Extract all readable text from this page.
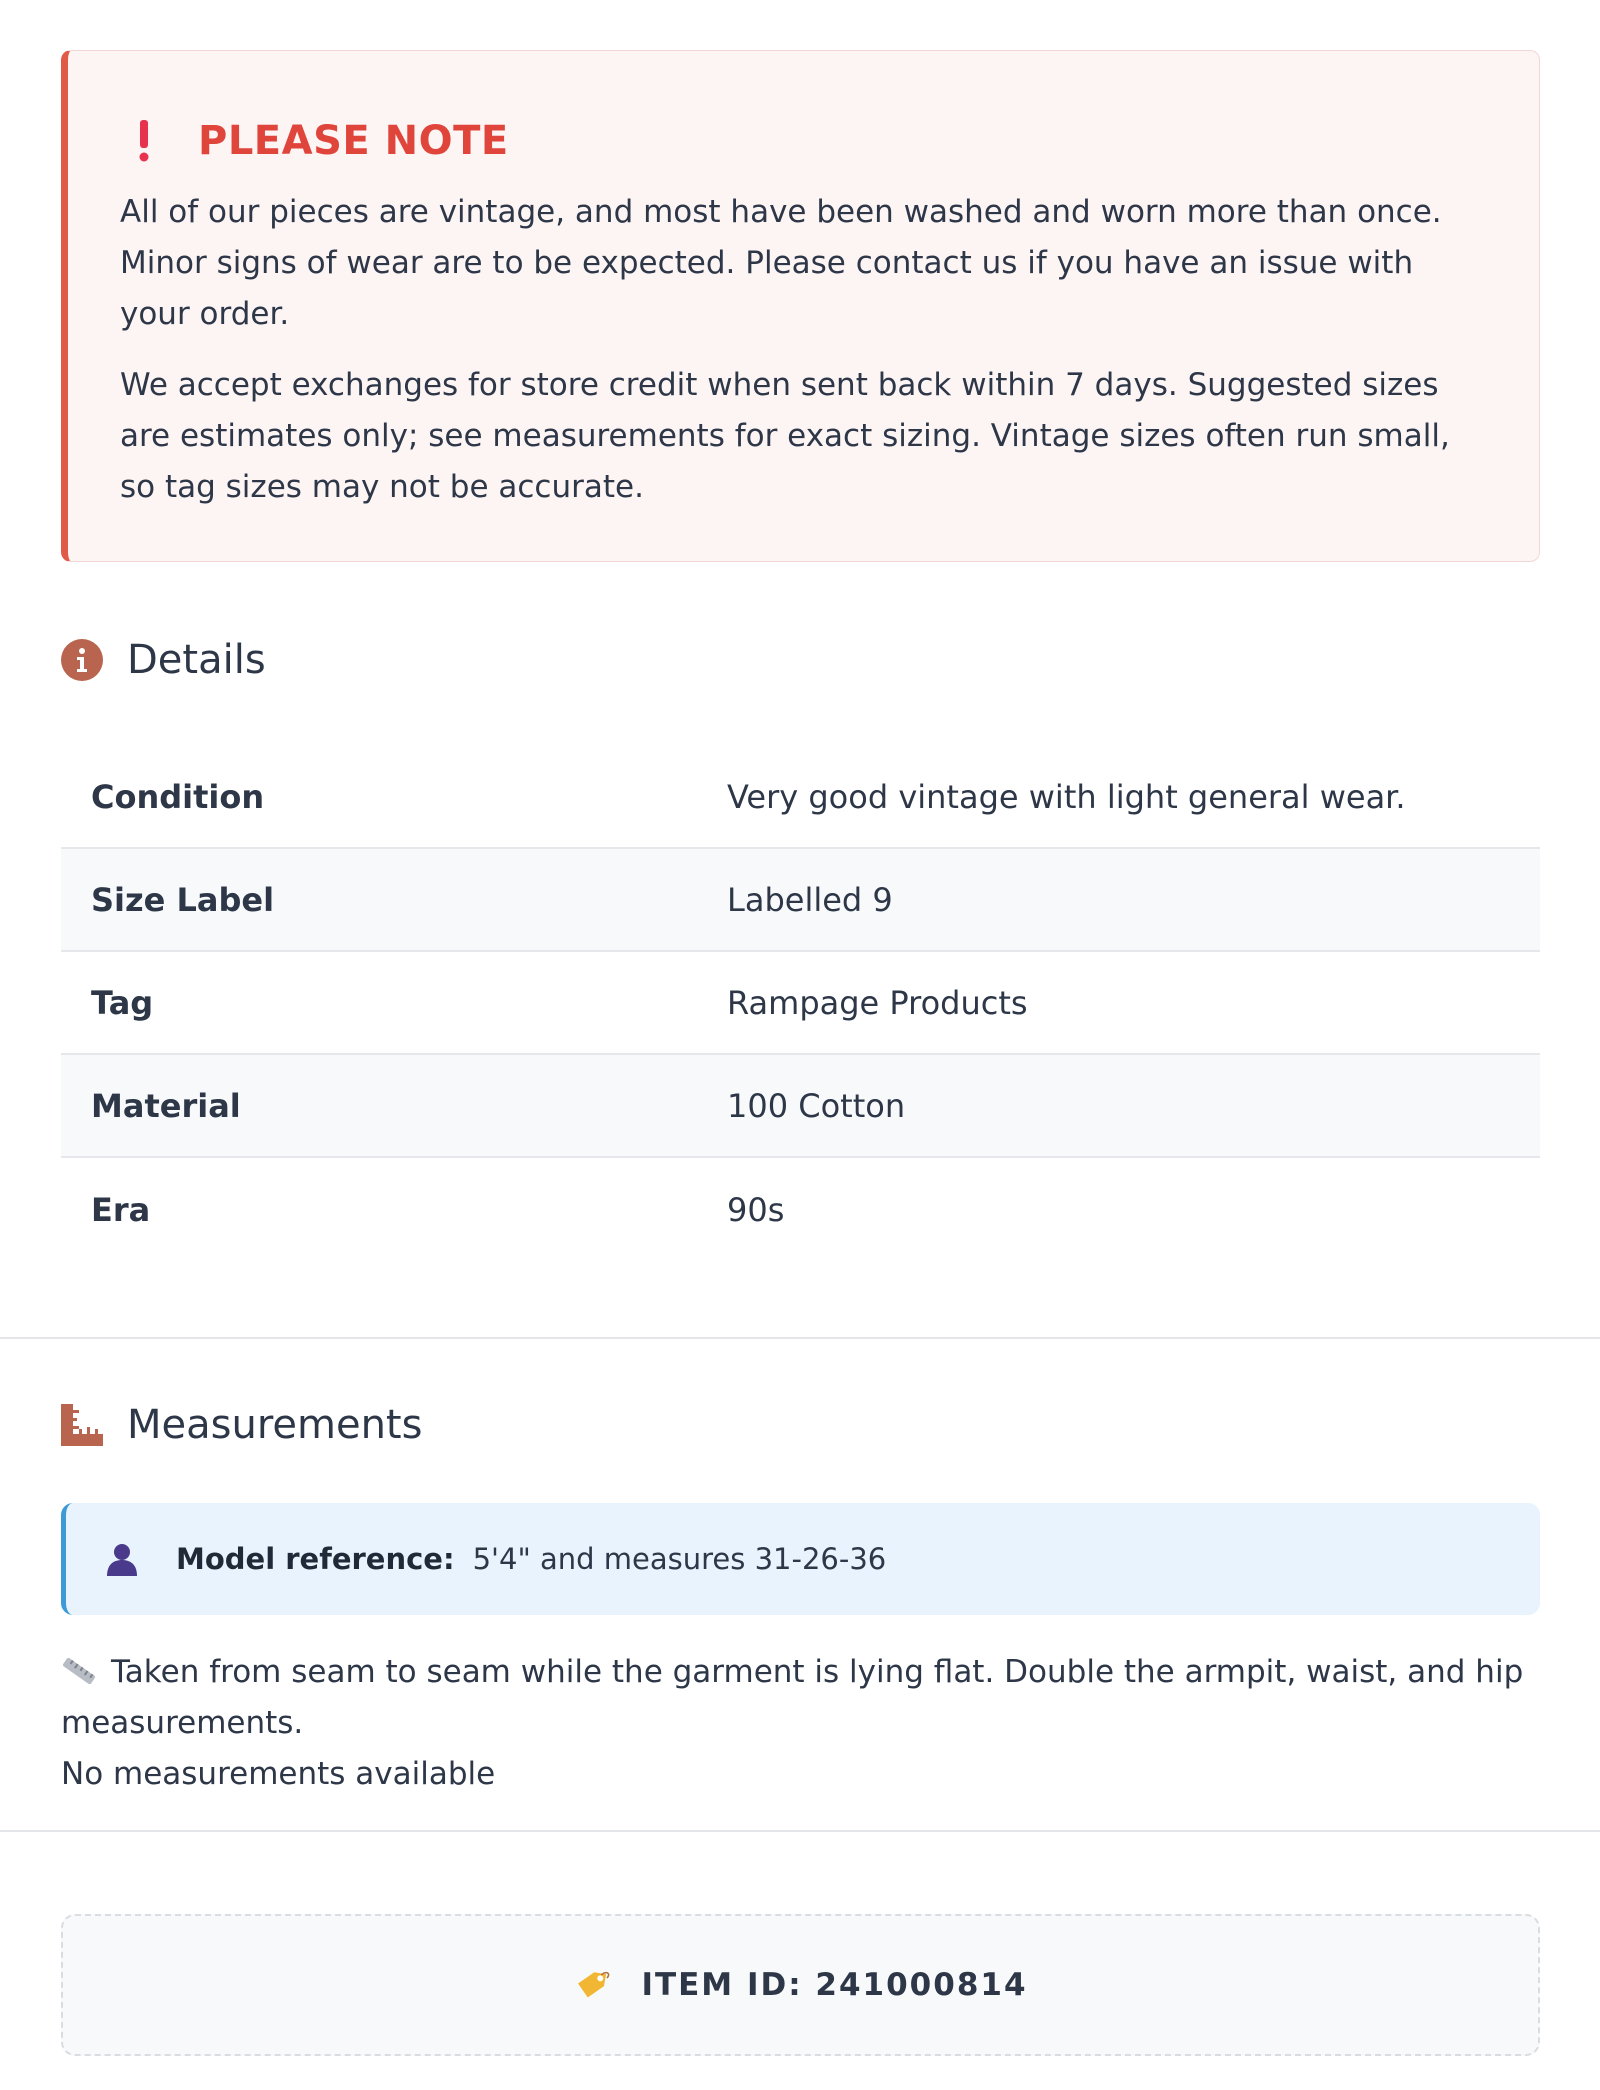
PLEASE NOTE

All of our pieces are vintage, and most have been washed and worn more than once. Minor signs of wear are to be expected. Please contact us if you have an issue with your order.

We accept exchanges for store credit when sent back within 7 days. Suggested sizes are estimates only; see measurements for exact sizing. Vintage sizes often run small, so tag sizes may not be accurate.

Details
Condition	Very good vintage with light general wear.
Size Label	Labelled 9
Tag	Rampage Products
Material	100 Cotton
Era	90s
Measurements
Model reference: 5'4" and measures 31-26-36
Taken from seam to seam while the garment is lying flat. Double the armpit, waist, and hip measurements.
No measurements available
ITEM ID: 241000814
